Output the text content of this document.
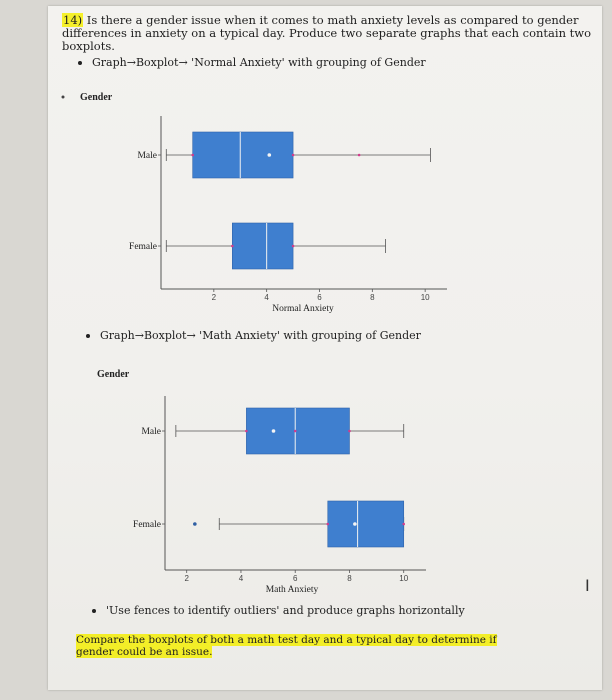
14) Is there a gender issue when it comes to math anxiety levels as compared to gender differences in anxiety on a typical day. Produce two separate graphs that each contain two boxplots.
Graph→Boxplot→ 'Normal Anxiety' with grouping of Gender
Gender
2	4	6	8	10
Normal Anxiety
Male
Female
Graph→Boxplot→ 'Math Anxiety' with grouping of Gender
Gender
2	4	6	8	10
Math Anxiety
Male
Female
'Use fences to identify outliers' and produce graphs horizontally
Compare the boxplots of both a math test day and a typical day to determine if gender could be an issue.
I
